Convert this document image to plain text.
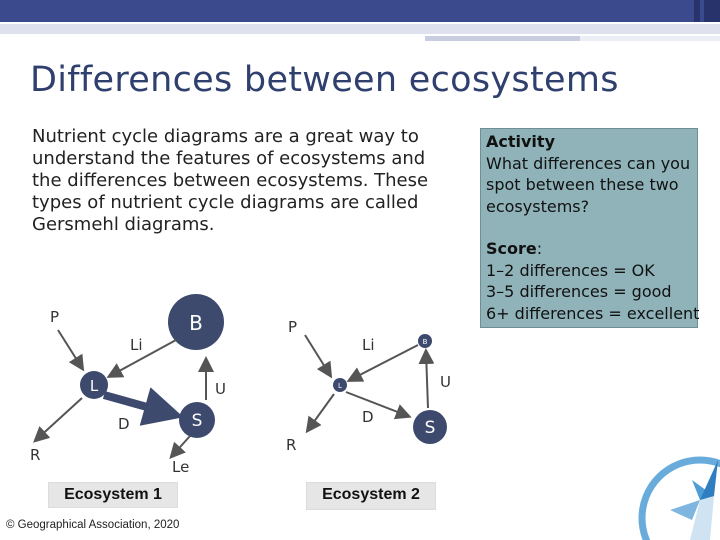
Differences between ecosystems
Nutrient cycle diagrams are a great way to understand the features of ecosystems and the differences between ecosystems. These types of nutrient cycle diagrams are called Gersmehl diagrams.
Activity
What differences can you spot between these two ecosystems?
Score:
1–2 differences = OK
3–5 differences = good
6+ differences = excellent
P	B
Li
L	U
S
D
R
Le
P
B
Li
L	U
D
S
R
Ecosystem 1	Ecosystem 2
© Geographical Association, 2020
